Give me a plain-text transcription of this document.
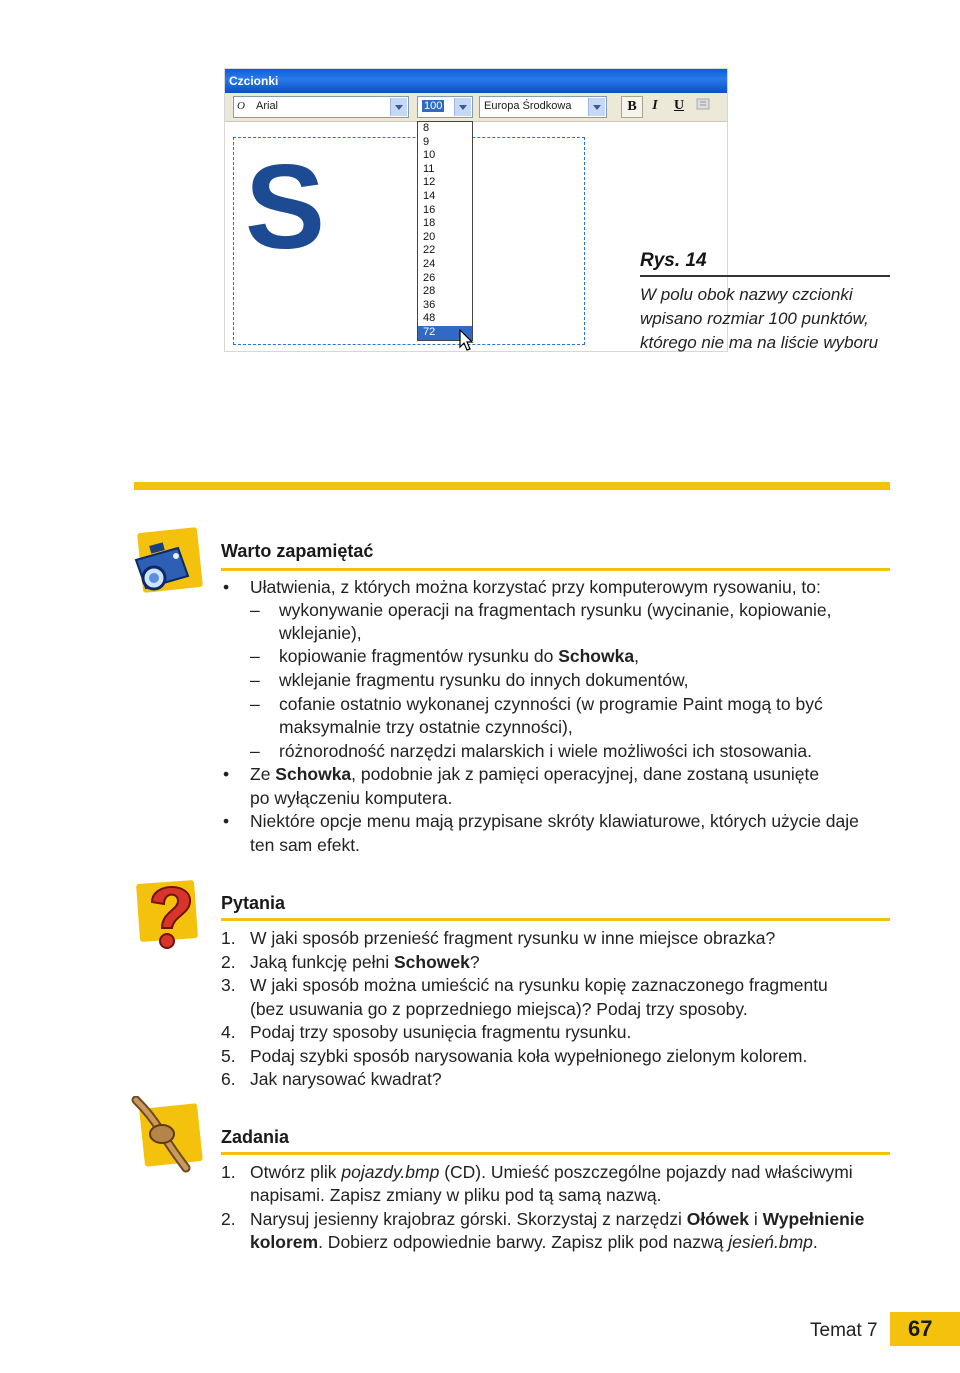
Czcionki
O Arial	100	Europa Środkowa	B	I	U
S
8
9
10
11
12
14
16
18
20
22
24
26
28
36
48
72
Rys. 14
W polu obok nazwy czcionki
wpisano rozmiar 100 punktów,
którego nie ma na liście wyboru
Warto zapamiętać
• Ułatwienia, z których można korzystać przy komputerowym rysowaniu, to:
– wykonywanie operacji na fragmentach rysunku (wycinanie, kopiowanie,
wklejanie),
– kopiowanie fragmentów rysunku do Schowka,
– wklejanie fragmentu rysunku do innych dokumentów,
– cofanie ostatnio wykonanej czynności (w programie Paint mogą to być
maksymalnie trzy ostatnie czynności),
– różnorodność narzędzi malarskich i wiele możliwości ich stosowania.
• Ze Schowka, podobnie jak z pamięci operacyjnej, dane zostaną usunięte
po wyłączeniu komputera.
• Niektóre opcje menu mają przypisane skróty klawiaturowe, których użycie daje
ten sam efekt.
Pytania
1. W jaki sposób przenieść fragment rysunku w inne miejsce obrazka?
2. Jaką funkcję pełni Schowek?
3. W jaki sposób można umieścić na rysunku kopię zaznaczonego fragmentu
(bez usuwania go z poprzedniego miejsca)? Podaj trzy sposoby.
4. Podaj trzy sposoby usunięcia fragmentu rysunku.
5. Podaj szybki sposób narysowania koła wypełnionego zielonym kolorem.
6. Jak narysować kwadrat?
Zadania
1. Otwórz plik pojazdy.bmp (CD). Umieść poszczególne pojazdy nad właściwymi
napisami. Zapisz zmiany w pliku pod tą samą nazwą.
2. Narysuj jesienny krajobraz górski. Skorzystaj z narzędzi Ołówek i Wypełnienie
kolorem. Dobierz odpowiednie barwy. Zapisz plik pod nazwą jesień.bmp.
Temat 7 67
